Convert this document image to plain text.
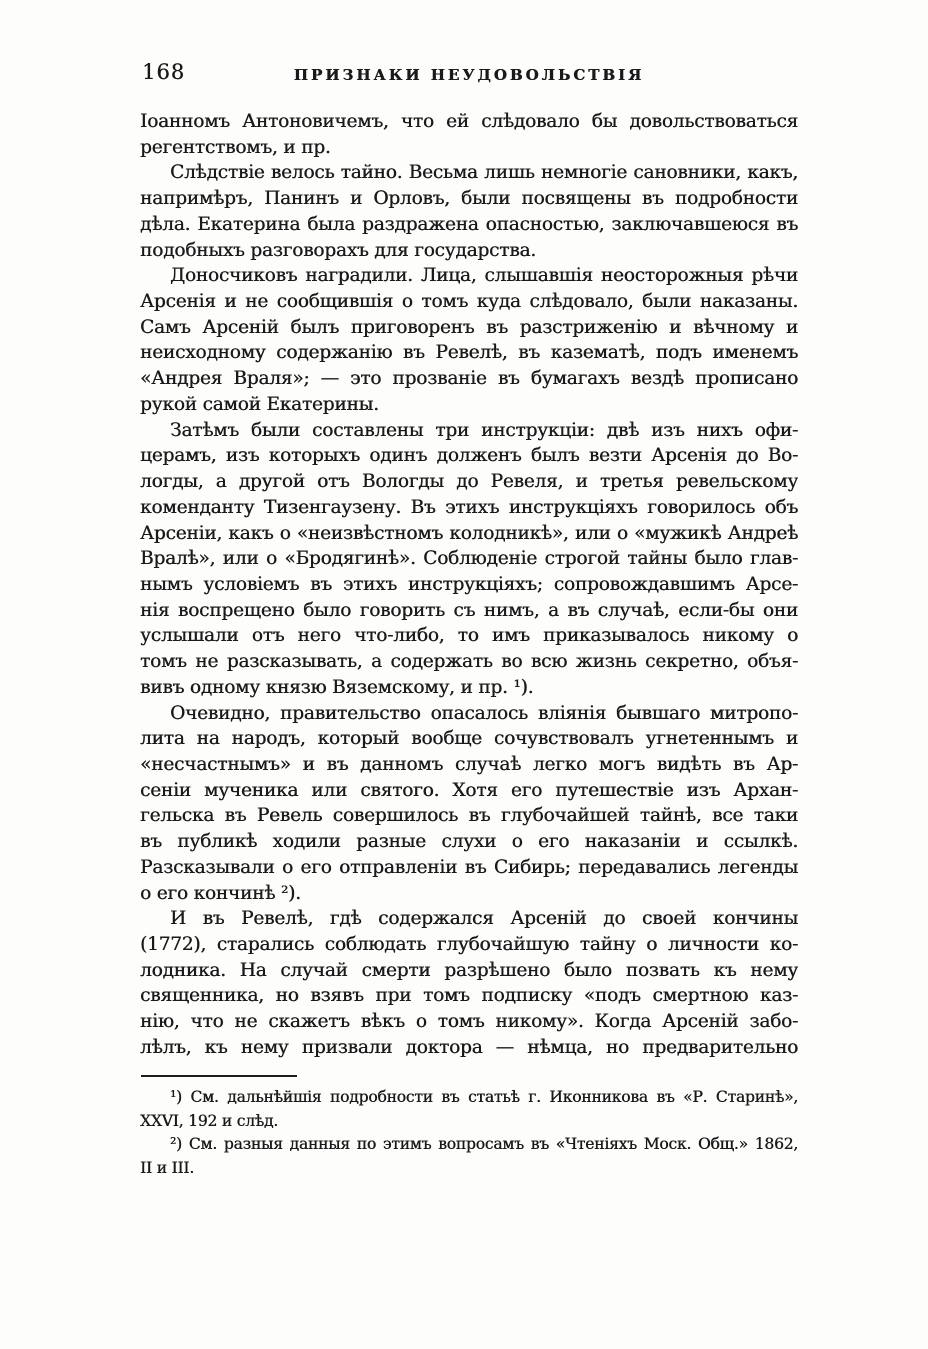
168	ПРИЗНАКИ НЕУДОВОЛЬСТВІЯ
Іоанномъ Антоновичемъ, что ей слѣдовало бы довольствоваться
регентствомъ, и пр.
Слѣдствіе велось тайно. Весьма лишь немногіе сановники, какъ,
напримѣръ, Панинъ и Орловъ, были посвящены въ подробности
дѣла. Екатерина была раздражена опасностью, заключавшеюся въ
подобныхъ разговорахъ для государства.
Доносчиковъ наградили. Лица, слышавшія неосторожныя рѣчи
Арсенія и не сообщившія о томъ куда слѣдовало, были наказаны.
Самъ Арсеній былъ приговоренъ въ разстриженію и вѣчному и
неисходному содержанію въ Ревелѣ, въ казематѣ, подъ именемъ
«Андрея Враля»; — это прозваніе въ бумагахъ вездѣ прописано
рукой самой Екатерины.
Затѣмъ были составлены три инструкціи: двѣ изъ нихъ офи-
церамъ, изъ которыхъ одинъ долженъ былъ везти Арсенія до Во-
логды, а другой отъ Вологды до Ревеля, и третья ревельскому
коменданту Тизенгаузену. Въ этихъ инструкціяхъ говорилось объ
Арсеніи, какъ о «неизвѣстномъ колодникѣ», или о «мужикѣ Андреѣ
Вралѣ», или о «Бродягинѣ». Соблюденіе строгой тайны было глав-
нымъ условіемъ въ этихъ инструкціяхъ; сопровождавшимъ Арсе-
нія воспрещено было говорить съ нимъ, а въ случаѣ, если-бы они
услышали отъ него что-либо, то имъ приказывалось никому о
томъ не разсказывать, а содержать во всю жизнь секретно, объя-
вивъ одному князю Вяземскому, и пр. ¹).
Очевидно, правительство опасалось вліянія бывшаго митропо-
лита на народъ, который вообще сочувствовалъ угнетеннымъ и
«несчастнымъ» и въ данномъ случаѣ легко могъ видѣть въ Ар-
сеніи мученика или святого. Хотя его путешествіе изъ Архан-
гельска въ Ревель совершилось въ глубочайшей тайнѣ, все таки
въ публикѣ ходили разные слухи о его наказаніи и ссылкѣ.
Разсказывали о его отправленіи въ Сибирь; передавались легенды
о его кончинѣ ²).
И въ Ревелѣ, гдѣ содержался Арсеній до своей кончины
(1772), старались соблюдать глубочайшую тайну о личности ко-
лодника. На случай смерти разрѣшено было позвать къ нему
священника, но взявъ при томъ подписку «подъ смертною каз-
нію, что не скажетъ вѣкъ о томъ никому». Когда Арсеній забо-
лѣлъ, къ нему призвали доктора — нѣмца, но предварительно
¹) См. дальнѣйшія подробности въ статьѣ г. Иконникова въ «Р. Старинѣ»,
XXVI, 192 и слѣд.
²) См. разныя данныя по этимъ вопросамъ въ «Чтеніяхъ Моск. Общ.» 1862,
II и III.
